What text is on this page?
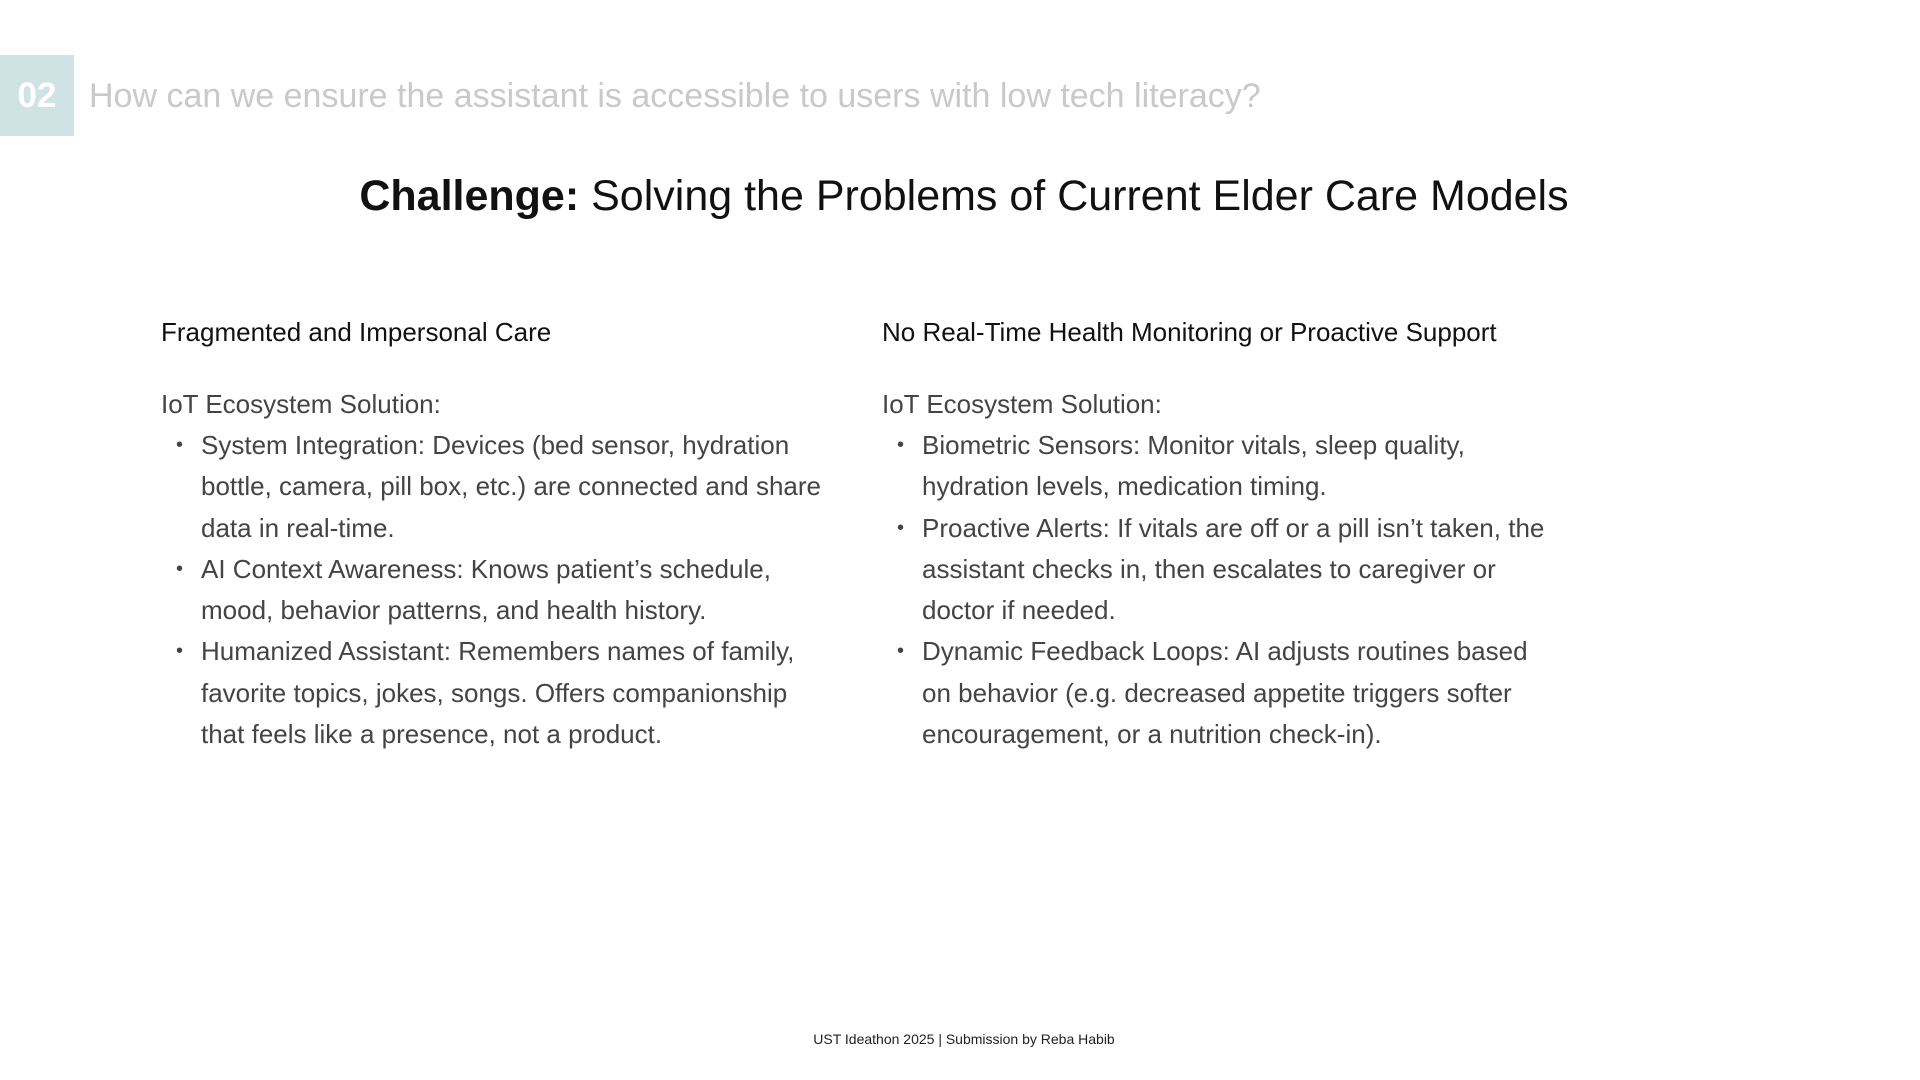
02 How can we ensure the assistant is accessible to users with low tech literacy?
Challenge: Solving the Problems of Current Elder Care Models

Fragmented and Impersonal Care

IoT Ecosystem Solution:

• System Integration: Devices (bed sensor, hydration bottle, camera, pill box, etc.) are connected and share data in real-time.
• AI Context Awareness: Knows patient’s schedule, mood, behavior patterns, and health history.
• Humanized Assistant: Remembers names of family, favorite topics, jokes, songs. Offers companionship that feels like a presence, not a product.

No Real-Time Health Monitoring or Proactive Support

IoT Ecosystem Solution:

• Biometric Sensors: Monitor vitals, sleep quality, hydration levels, medication timing.
• Proactive Alerts: If vitals are off or a pill isn’t taken, the assistant checks in, then escalates to caregiver or doctor if needed.
• Dynamic Feedback Loops: AI adjusts routines based on behavior (e.g. decreased appetite triggers softer encouragement, or a nutrition check-in).
UST Ideathon 2025 | Submission by Reba Habib
